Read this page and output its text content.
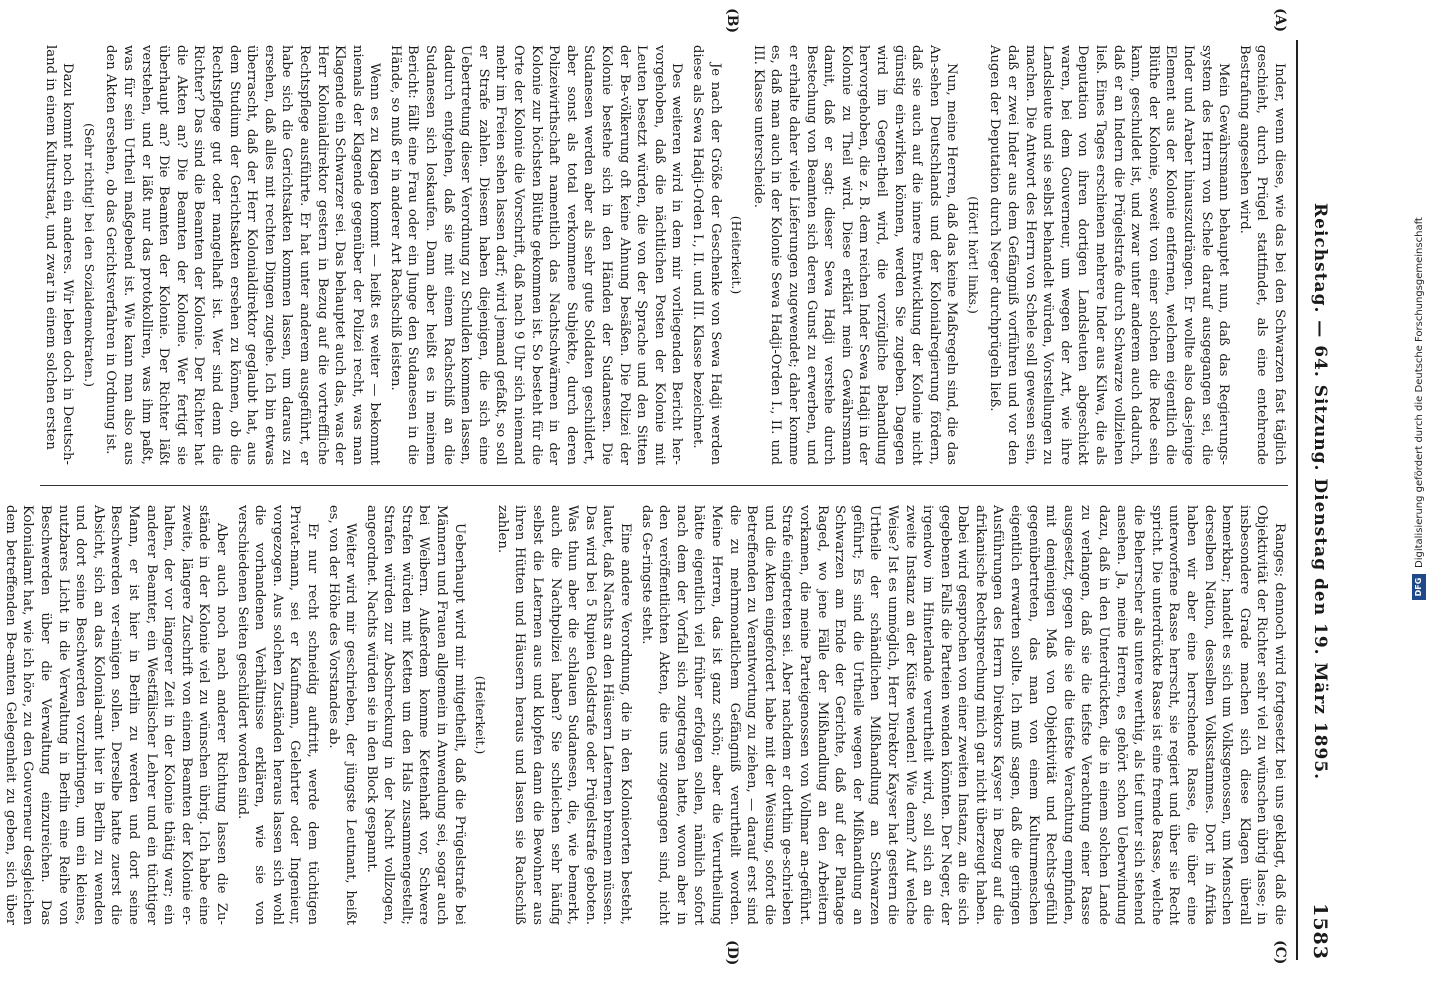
Reichstag. — 64. Sitzung. Dienstag den 19. März 1895.
1583
(A)
(B)
(C)
(D)

Inder, wenn diese, wie das bei den Schwarzen fast täglich geschieht, durch Prügel stattfindet, als eine entehrende Bestrafung angesehen wird.

Mein Gewährsmann behauptet nun, daß das Regierungs-system des Herrn von Schele darauf ausgegangen sei, die Inder und Araber hinauszudrängen. Er wollte also das-jenige Element aus der Kolonie entfernen, welchem eigentlich die Blüthe der Kolonie, soweit von einer solchen die Rede sein kann, geschuldet ist, und zwar unter anderem auch dadurch, daß er an Indern die Prügelstrafe durch Schwarze vollziehen ließ. Eines Tages erschienen mehrere Inder aus Kilwa, die als Deputation von ihren dortigen Landsleuten abgeschickt waren, bei dem Gouverneur, um wegen der Art, wie ihre Landsleute und sie selbst behandelt würden, Vorstellungen zu machen. Die Antwort des Herrn von Schele soll gewesen sein, daß er zwei Inder aus dem Gefängniß vorführen und vor den Augen der Deputation durch Neger durchprügeln ließ.

(Hört! hört! links.)

Nun, meine Herren, daß das keine Maßregeln sind, die das An-sehen Deutschlands und der Kolonialregierung fördern, daß sie auch auf die innere Entwicklung der Kolonie nicht günstig ein-wirken können, werden Sie zugeben. Dagegen wird im Gegen-theil wird, die vorzügliche Behandlung hervorgehoben, die z. B. dem reichen Inder Sewa Hadji in der Kolonie zu Theil wird. Diese erklärt mein Gewährsmann damit, daß er sagt: dieser Sewa Hadji verstehe durch Bestechung von Beamten sich deren Gunst zu erwerben, und er erhalte daher viele Lieferungen zugewendet; daher komme es, daß man auch in der Kolonie Sewa Hadji-Orden I., II. und III. Klasse unterscheide.

(Heiterkeit.)

Je nach der Größe der Geschenke von Sewa Hadji werden diese als Sewa Hadji-Orden I., II. und III. Klasse bezeichnet.

Des weiteren wird in dem mir vorliegenden Bericht her-vorgehoben, daß die nächtlichen Posten der Kolonie mit Leuten besetzt würden, die von der Sprache und den Sitten der Be-völkerung oft keine Ahnung besäßen. Die Polizei der Kolonie bestehe sich in den Händen der Sudanesen. Die Sudanesen werden aber als sehr gute Soldaten geschildert, aber sonst als total verkommene Subjekte, durch deren Polizeiwirthschaft namentlich das Nachtschwärmen in der Kolonie zur höchsten Blüthe gekommen ist. So besteht für die Orte der Kolonie die Vorschrift, daß nach 9 Uhr sich niemand mehr im Freien sehen lassen darf; wird jemand gefaßt, so soll er Strafe zahlen. Diesem haben diejenigen, die sich eine Uebertretung dieser Verordnung zu Schulden kommen lassen, dadurch entgehen, daß sie mit einem Rachschiß an die Sudanesen sich loskaufen. Dann aber heißt es in meinem Bericht: fällt eine Frau oder ein Junge den Sudanesen in die Hände, so muß er in anderer Art Rachschiß leisten.

Wenn es zu Klagen kommt — heißt es weiter — bekommt niemals der Klagende gegenüber der Polizei recht, was man Klagende ein Schwarzer sei. Das behauptet auch das, was der Herr Kolonialdirektor gestern in Bezug auf die vortreffliche Rechtspflege ausführte. Er hat unter anderem ausgeführt, er habe sich die Gerichtsakten kommen lassen, um daraus zu ersehen, daß alles mit rechten Dingen zugehe. Ich bin etwas überrascht, daß der Herr Kolonialdirektor geglaubt hat, aus dem Studium der Gerichtsakten ersehen zu können, ob die Rechtspflege gut oder mangelhaft ist. Wer sind denn die Richter? Das sind die Beamten der Kolonie. Der Richter hat die Akten an? Die Beamten der Kolonie. Wer fertigt sie überhaupt an? Die Beamten der Kolonie. Der Richter läßt verstehen, und er läßt nur das protokolliren, was ihm paßt, was für sein Urtheil maßgebend ist. Wie kann man also aus den Akten ersehen, ob das Gerichtsverfahren in Ordnung ist.

(Sehr richtig! bei den Sozialdemokraten.)

Dazu kommt noch ein anderes. Wir leben doch in Deutsch-land in einem Kulturstaat, und zwar in einem solchen ersten

Ranges; dennoch wird fortgesetzt bei uns geklagt, daß die Objektivität der Richter sehr viel zu wünschen übrig lasse; in insbesondere Grade machen sich diese Klagen überall bemerkbar; handelt es sich um Volksgenossen, um Menschen derselben Nation, desselben Volksstammes. Dort in Afrika haben wir aber eine herrschende Rasse, die über eine unterworfene Rasse herrscht, sie regiert und über sie Recht spricht. Die unterdrückte Rasse ist eine fremde Rasse, welche die Beherrscher als untere werthig, als tief unter sich stehend ansehen. Ja, meine Herren, es gehört schon Ueberwindung dazu, daß in den Unterdrückten, die in einem solchen Lande zu verlangen, daß sie die tiefste Verachtung einer Rasse ausgesetzt, gegen die sie die tiefste Verachtung empfinden, mit demjenigen Maß von Objektivität und Rechts-gefühl gegenübertreten, das man von einem Kulturmenschen eigentlich erwarten sollte. Ich muß sagen, daß die geringen Ausführungen des Herrn Direktors Kayser in Bezug auf die afrikanische Rechtsprechung mich gar nicht überzeugt haben. Dabei wird gesprochen von einer zweiten Instanz, an die sich gegebenen Falls die Parteien wenden könnten. Der Neger, der irgendwo im Hinterlande verurtheilt wird, soll sich an die zweite Instanz an der Küste wenden! Wie denn? Auf welche Weise? Ist es unmöglich, Herr Direktor Kayser hat gestern die Urtheile der schändlichen Mißhandlung an Schwarzen geführt; Es sind die Urtheile wegen der Mißhandlung an Schwarzen am Ende der Gerichte, daß auf der Plantage Raged, wo jene Fälle der Mißhandlung an den Arbeitern vorkamen, die meine Parteigenossen von Vollmar an-geführt. Strafe eingetreten sei. Aber nachdem er dorthin ge-schrieben und die Akten eingefordert habe mit der Weisung, sofort die Betreffenden zu Verantwortung zu ziehen, — darauf erst sind die zu mehrmonatlichem Gefängniß verurtheilt worden. Meine Herren, das ist ganz schön; aber die Verurtheilung hätte eigentlich viel früher erfolgen sollen, nämlich sofort nach dem der Vorfall sich zugetragen hatte, wovon aber in den veröffentlichten Akten, die uns zugegangen sind, nicht das Ge-ringste steht.

Eine andere Verordnung, die in den Kolonieorten besteht, lautet, daß Nachts an den Häusern Laternen brennen müssen. Das wird bei 5 Rupien Geldstrafe oder Prügelstrafe geboten. Was thun aber die schlauen Sudanesen, die, wie bemerkt, auch die Nachtpolizei haben? Sie schleichen sehr häufig selbst die Laternen aus und klopfen dann die Bewohner aus ihren Hütten und Häusern heraus und lassen sie Rachschiß zahlen.

(Heiterkeit.)

Ueberhaupt wird mir mitgetheilt, daß die Prügelstrafe bei Männern und Frauen allgemein in Anwendung sei, sogar auch bei Weibern. Außerdem komme Kettenhaft vor, Schwere Strafen würden mit Ketten um den Hals zusammengestellt; Strafen würden zur Abschreckung in der Nacht vollzogen, angeordnet. Nachts würden sie in den Block gespannt.

Weiter wird mir geschrieben, der jüngste Leutnant, heißt es, von der Höhe des Vorstandes ab.

Er nur recht schneidig auftritt, werde dem tüchtigen Privat-mann, sei er Kaufmann, Gelehrter oder Ingenieur, vorgezogen. Aus solchen Zuständen heraus lassen sich wohl die vorhandenen Verhältnisse erklären, wie sie von verschiedenen Seiten geschildert worden sind.

Aber auch noch nach anderer Richtung lassen die Zu-stände in der Kolonie viel zu wünschen übrig. Ich habe eine zweite, längere Zuschrift von einem Beamten der Kolonie er-halten, der vor längerer Zeit in der Kolonie thätig war; ein anderer Beamter, ein Westfälischer Lehrer und ein tüchtiger Mann, er ist hier in Berlin zu werden und dort seine Beschwerden ver-einigen sollen. Derselbe hatte zuerst die Absicht, sich an das Kolonial-amt hier in Berlin zu wenden und dort seine Beschwerden vorzubringen, um ein kleines, nutzbares Licht in die Verwaltung in Berlin eine Reihe von Beschwerden über die Verwaltung einzureichen. Das Kolonialamt hat, wie ich höre, zu den Gouverneur desgleichen dem betreffenden Be-amten Gelegenheit zu geben, sich über

DFG
Digitalisierung gefördert durch die Deutsche Forschungsgemeinschaft
